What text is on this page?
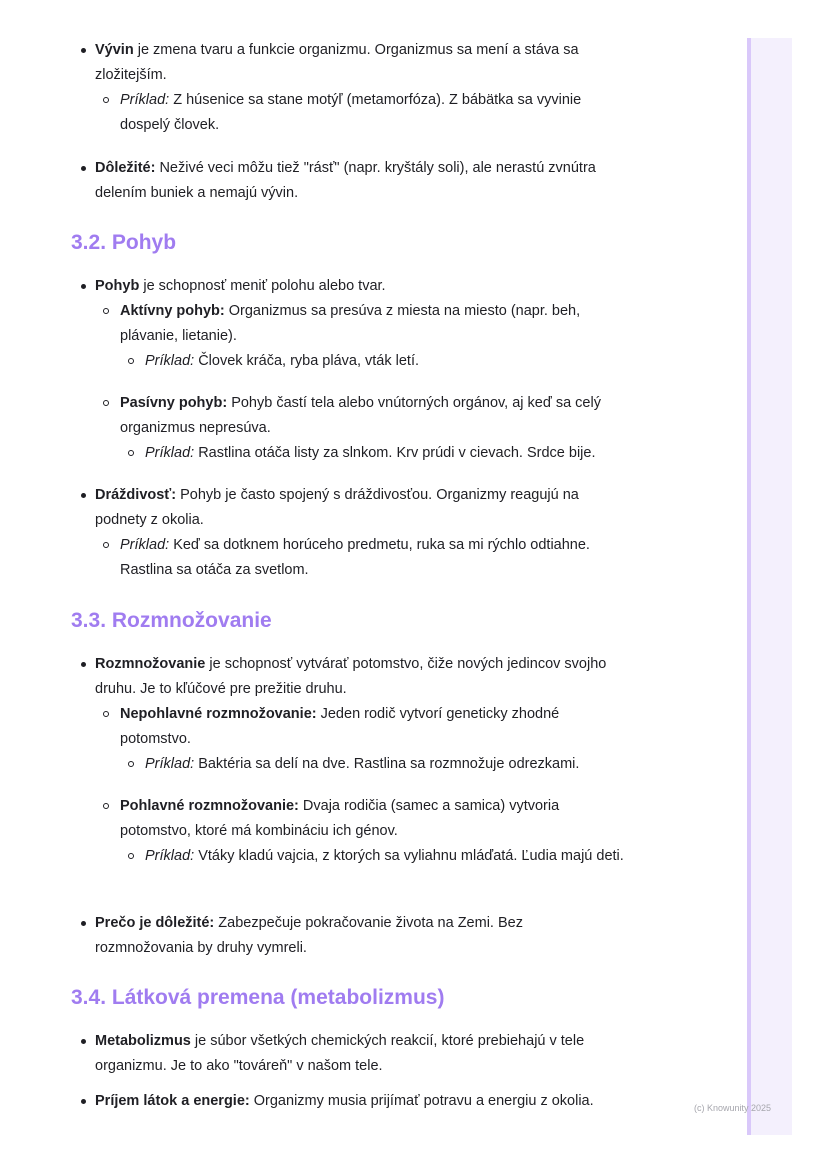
Vývin je zmena tvaru a funkcie organizmu. Organizmus sa mení a stáva sa zložitejším.
Príklad: Z húsenice sa stane motýľ (metamorfóza). Z bábätka sa vyvinie dospelý človek.
Dôležité: Neživé veci môžu tiež "rásť" (napr. kryštály soli), ale nerastú zvnútra delením buniek a nemajú vývin.
3.2. Pohyb
Pohyb je schopnosť meniť polohu alebo tvar.
Aktívny pohyb: Organizmus sa presúva z miesta na miesto (napr. beh, plávanie, lietanie).
Príklad: Človek kráča, ryba pláva, vták letí.
Pasívny pohyb: Pohyb častí tela alebo vnútorných orgánov, aj keď sa celý organizmus nepresúva.
Príklad: Rastlina otáča listy za slnkom. Krv prúdi v cievach. Srdce bije.
Dráždivosť: Pohyb je často spojený s dráždivosťou. Organizmy reagujú na podnety z okolia.
Príklad: Keď sa dotknem horúceho predmetu, ruka sa mi rýchlo odtiahne. Rastlina sa otáča za svetlom.
3.3. Rozmnožovanie
Rozmnožovanie je schopnosť vytvárať potomstvo, čiže nových jedincov svojho druhu. Je to kľúčové pre prežitie druhu.
Nepohlavné rozmnožovanie: Jeden rodič vytvorí geneticky zhodné potomstvo.
Príklad: Baktéria sa delí na dve. Rastlina sa rozmnožuje odrezkami.
Pohlavné rozmnožovanie: Dvaja rodičia (samec a samica) vytvoria potomstvo, ktoré má kombináciu ich génov.
Príklad: Vtáky kladú vajcia, z ktorých sa vyliahnu mláďatá. Ľudia majú deti.
Prečo je dôležité: Zabezpečuje pokračovanie života na Zemi. Bez rozmnožovania by druhy vymreli.
3.4. Látková premena (metabolizmus)
Metabolizmus je súbor všetkých chemických reakcií, ktoré prebiehajú v tele organizmu. Je to ako "továreň" v našom tele.
Príjem látok a energie: Organizmy musia prijímať potravu a energiu z okolia.	(c) Knowunity 2025
